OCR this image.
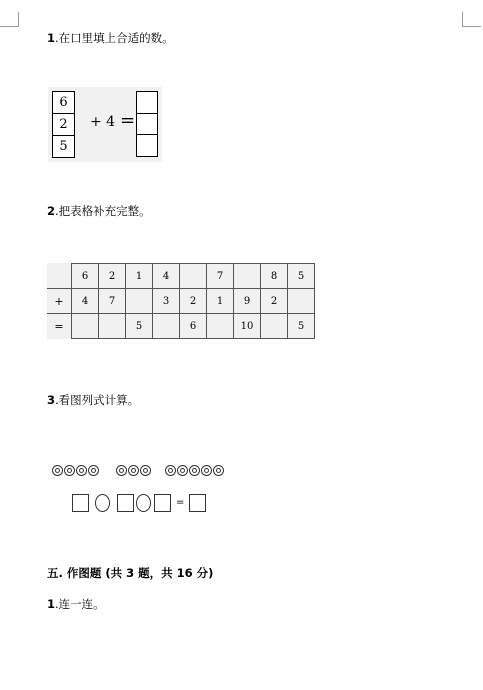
1.在口里填上合适的数。
6
2
5
+ 4 =
2.把表格补充完整。
	6	2	1	4		7		8	5
+	4	7		3	2	1	9	2	
=			5		6		10		5
3.看图列式计算。
=
五. 作图题 (共 3 题，共 16 分)
1.连一连。
